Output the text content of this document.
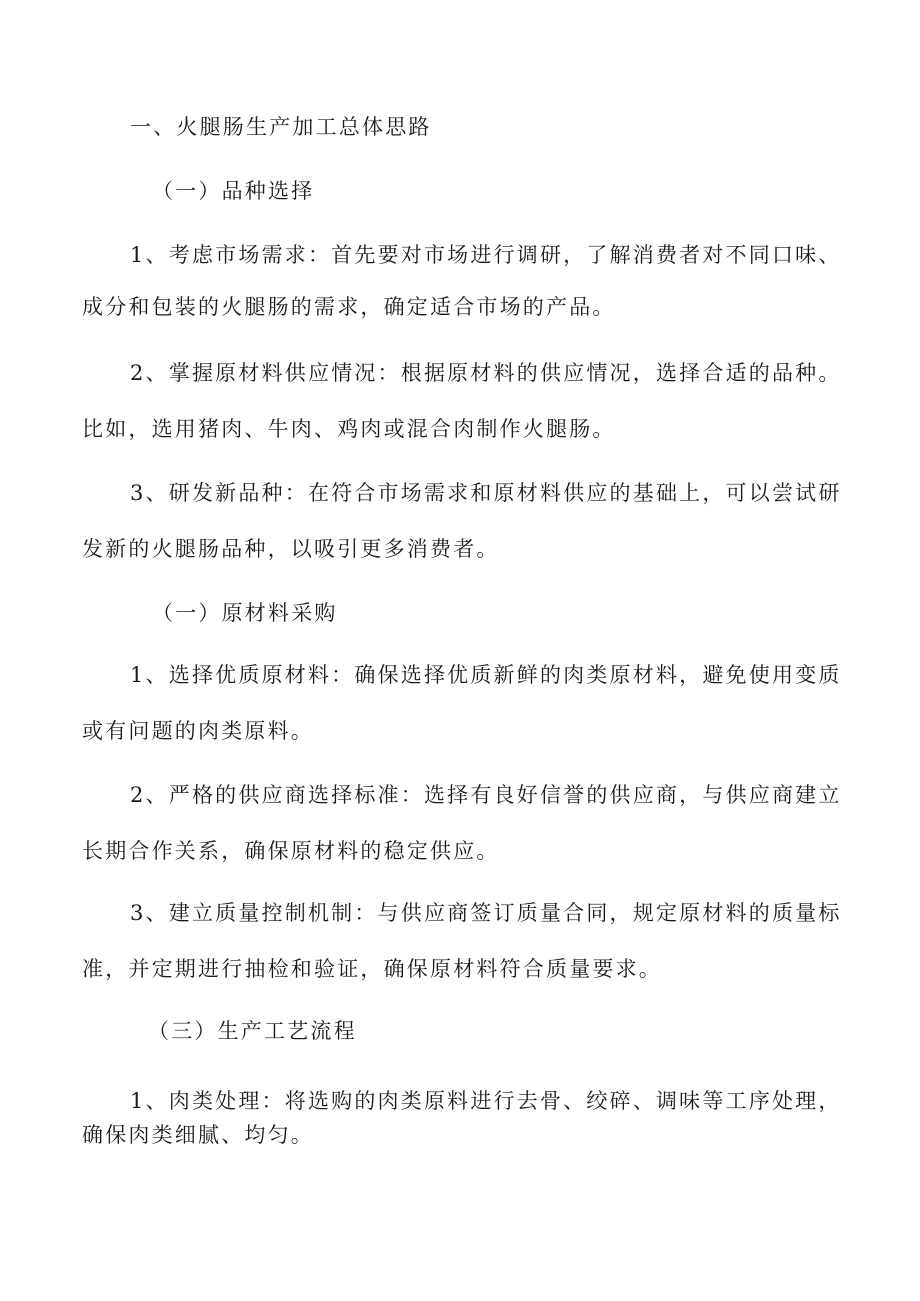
一、火腿肠生产加工总体思路

（一）品种选择

1、考虑市场需求：首先要对市场进行调研，了解消费者对不同口味、

成分和包装的火腿肠的需求，确定适合市场的产品。

2、掌握原材料供应情况：根据原材料的供应情况，选择合适的品种。

比如，选用猪肉、牛肉、鸡肉或混合肉制作火腿肠。

3、研发新品种：在符合市场需求和原材料供应的基础上，可以尝试研

发新的火腿肠品种，以吸引更多消费者。

（一）原材料采购

1、选择优质原材料：确保选择优质新鲜的肉类原材料，避免使用变质

或有问题的肉类原料。

2、严格的供应商选择标准：选择有良好信誉的供应商，与供应商建立

长期合作关系，确保原材料的稳定供应。

3、建立质量控制机制：与供应商签订质量合同，规定原材料的质量标

准，并定期进行抽检和验证，确保原材料符合质量要求。

（三）生产工艺流程

1、肉类处理：将选购的肉类原料进行去骨、绞碎、调味等工序处理，

确保肉类细腻、均匀。
